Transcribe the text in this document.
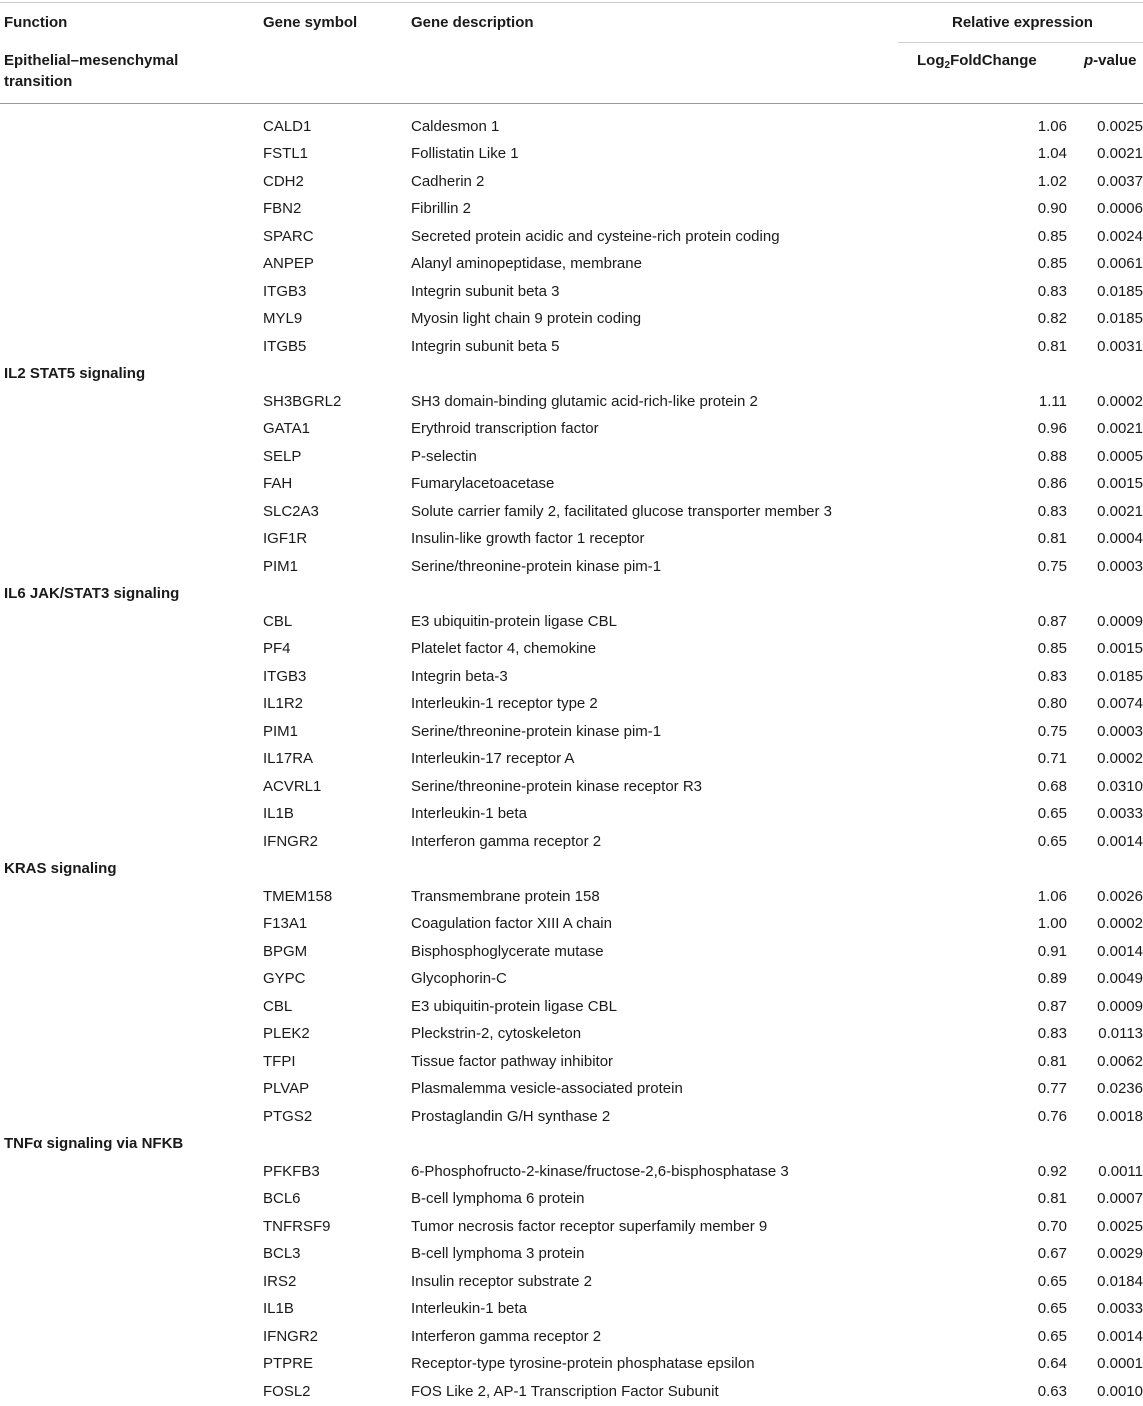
Function	Gene symbol	Gene description	Relative expression
Epithelial–mesenchymal transition
Log$_2$FoldChange	p-value
	CALD1	Caldesmon 1	1.06	0.0025
	FSTL1	Follistatin Like 1	1.04	0.0021
	CDH2	Cadherin 2	1.02	0.0037
	FBN2	Fibrillin 2	0.90	0.0006
	SPARC	Secreted protein acidic and cysteine-rich protein coding	0.85	0.0024
	ANPEP	Alanyl aminopeptidase, membrane	0.85	0.0061
	ITGB3	Integrin subunit beta 3	0.83	0.0185
	MYL9	Myosin light chain 9 protein coding	0.82	0.0185
	ITGB5	Integrin subunit beta 5	0.81	0.0031
IL2 STAT5 signaling				
	SH3BGRL2	SH3 domain-binding glutamic acid-rich-like protein 2	1.11	0.0002
	GATA1	Erythroid transcription factor	0.96	0.0021
	SELP	P-selectin	0.88	0.0005
	FAH	Fumarylacetoacetase	0.86	0.0015
	SLC2A3	Solute carrier family 2, facilitated glucose transporter member 3	0.83	0.0021
	IGF1R	Insulin-like growth factor 1 receptor	0.81	0.0004
	PIM1	Serine/threonine-protein kinase pim-1	0.75	0.0003
IL6 JAK/STAT3 signaling				
	CBL	E3 ubiquitin-protein ligase CBL	0.87	0.0009
	PF4	Platelet factor 4, chemokine	0.85	0.0015
	ITGB3	Integrin beta-3	0.83	0.0185
	IL1R2	Interleukin-1 receptor type 2	0.80	0.0074
	PIM1	Serine/threonine-protein kinase pim-1	0.75	0.0003
	IL17RA	Interleukin-17 receptor A	0.71	0.0002
	ACVRL1	Serine/threonine-protein kinase receptor R3	0.68	0.0310
	IL1B	Interleukin-1 beta	0.65	0.0033
	IFNGR2	Interferon gamma receptor 2	0.65	0.0014
KRAS signaling				
	TMEM158	Transmembrane protein 158	1.06	0.0026
	F13A1	Coagulation factor XIII A chain	1.00	0.0002
	BPGM	Bisphosphoglycerate mutase	0.91	0.0014
	GYPC	Glycophorin-C	0.89	0.0049
	CBL	E3 ubiquitin-protein ligase CBL	0.87	0.0009
	PLEK2	Pleckstrin-2, cytoskeleton	0.83	0.0113
	TFPI	Tissue factor pathway inhibitor	0.81	0.0062
	PLVAP	Plasmalemma vesicle-associated protein	0.77	0.0236
	PTGS2	Prostaglandin G/H synthase 2	0.76	0.0018
TNFα signaling via NFKB				
	PFKFB3	6-Phosphofructo-2-kinase/fructose-2,6-bisphosphatase 3	0.92	0.0011
	BCL6	B-cell lymphoma 6 protein	0.81	0.0007
	TNFRSF9	Tumor necrosis factor receptor superfamily member 9	0.70	0.0025
	BCL3	B-cell lymphoma 3 protein	0.67	0.0029
	IRS2	Insulin receptor substrate 2	0.65	0.0184
	IL1B	Interleukin-1 beta	0.65	0.0033
	IFNGR2	Interferon gamma receptor 2	0.65	0.0014
	PTPRE	Receptor-type tyrosine-protein phosphatase epsilon	0.64	0.0001
	FOSL2	FOS Like 2, AP-1 Transcription Factor Subunit	0.63	0.0010
